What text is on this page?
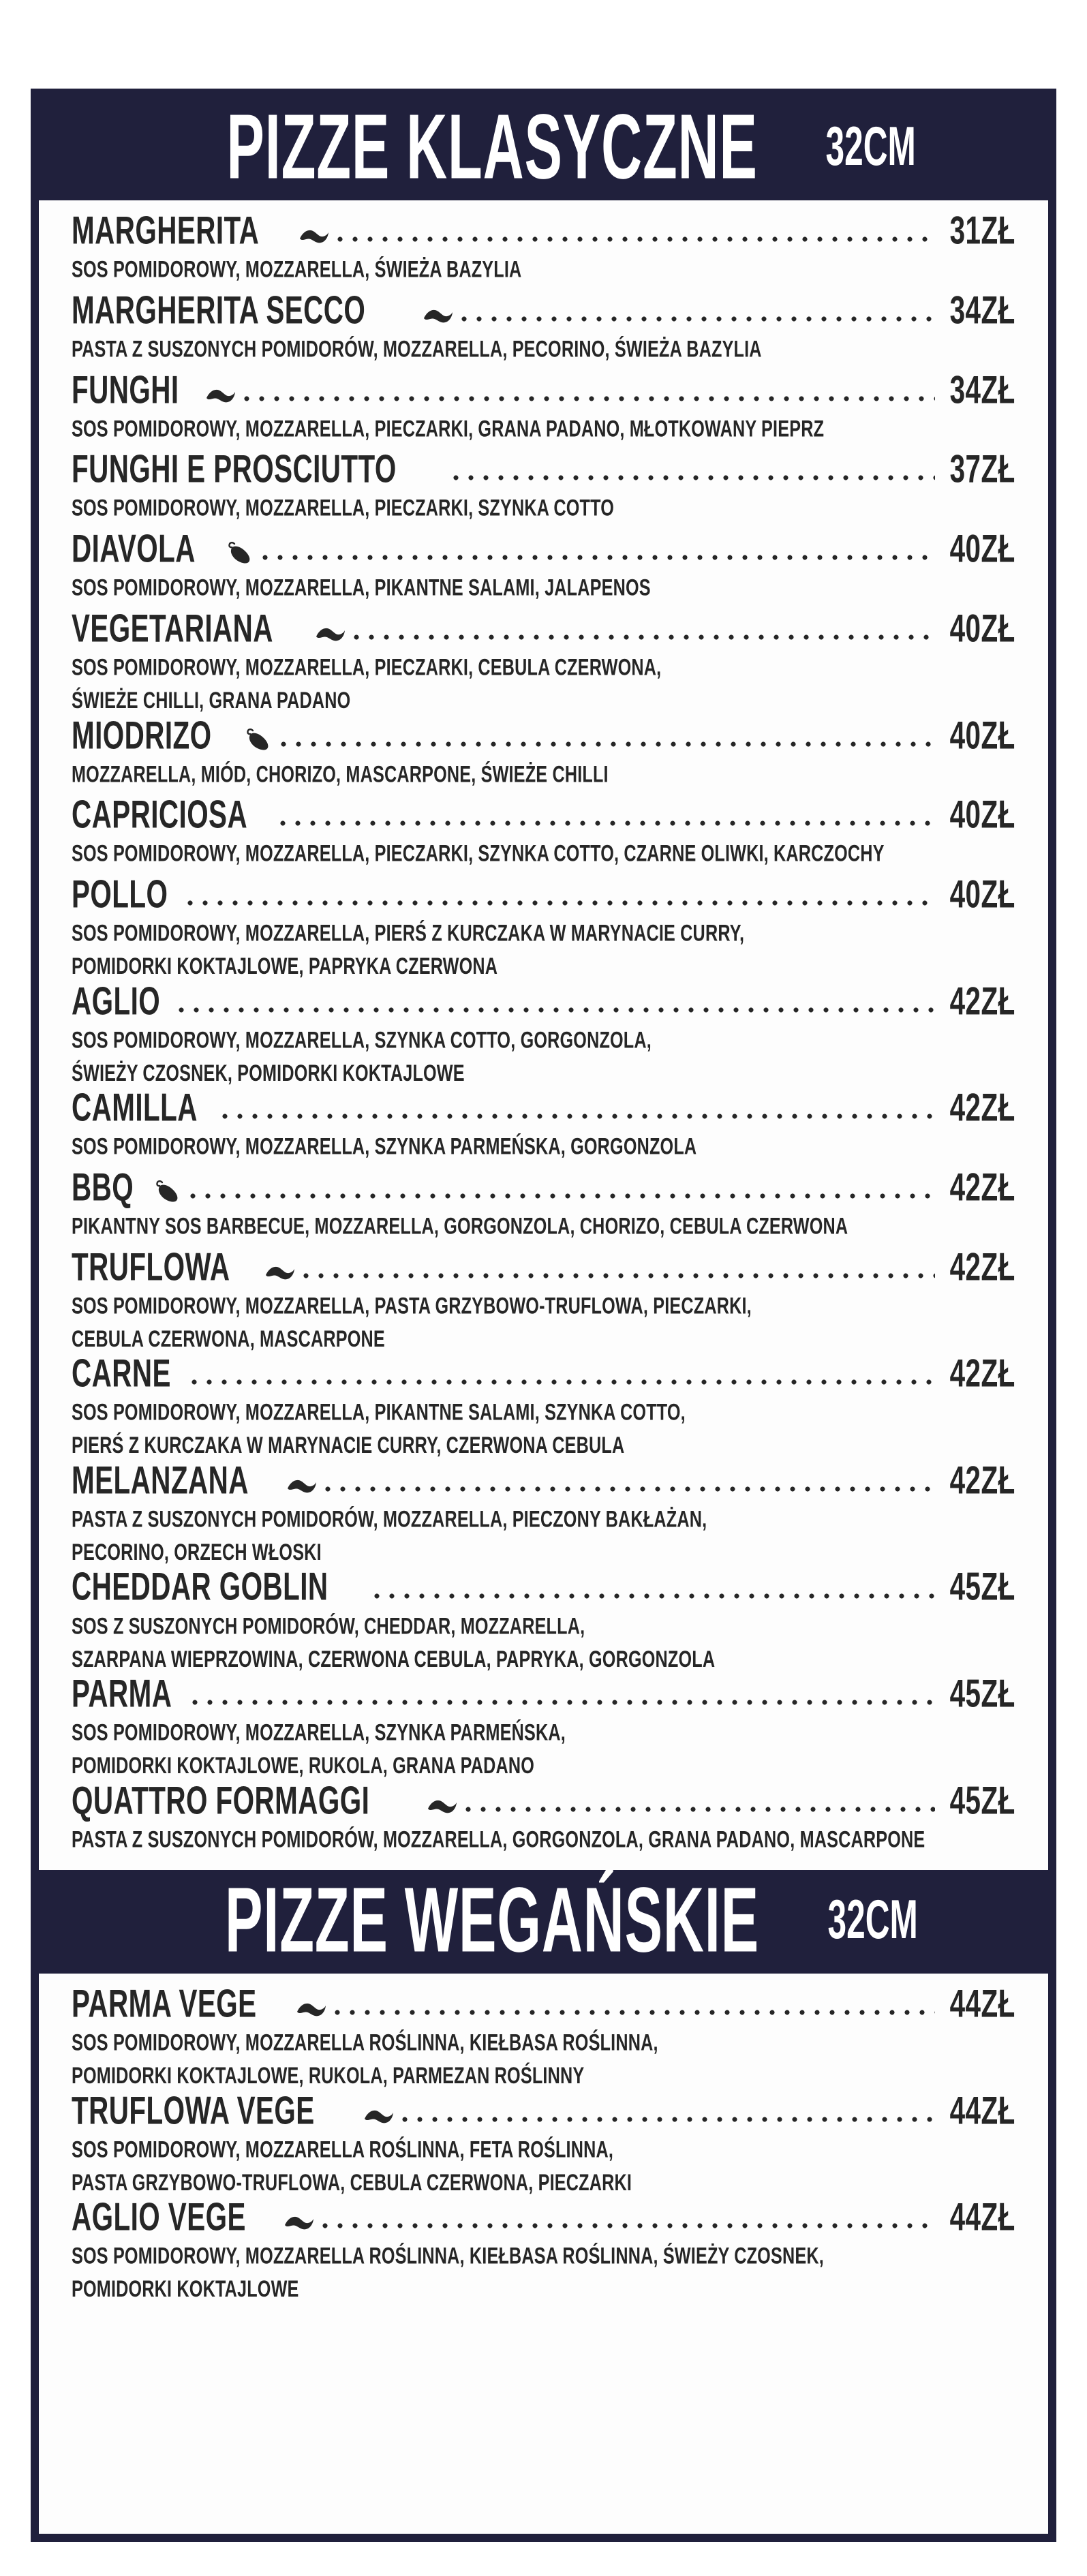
PIZZE KLASYCZNE 32CM
MARGHERITA	31ZŁ
SOS POMIDOROWY, MOZZARELLA, ŚWIEŻA BAZYLIA
MARGHERITA SECCO	34ZŁ
PASTA Z SUSZONYCH POMIDORÓW, MOZZARELLA, PECORINO, ŚWIEŻA BAZYLIA
FUNGHI	34ZŁ
SOS POMIDOROWY, MOZZARELLA, PIECZARKI, GRANA PADANO, MŁOTKOWANY PIEPRZ
FUNGHI E PROSCIUTTO	37ZŁ
SOS POMIDOROWY, MOZZARELLA, PIECZARKI, SZYNKA COTTO
DIAVOLA	40ZŁ
SOS POMIDOROWY, MOZZARELLA, PIKANTNE SALAMI, JALAPENOS
VEGETARIANA	40ZŁ
SOS POMIDOROWY, MOZZARELLA, PIECZARKI, CEBULA CZERWONA,
ŚWIEŻE CHILLI, GRANA PADANO
MIODRIZO	40ZŁ
MOZZARELLA, MIÓD, CHORIZO, MASCARPONE, ŚWIEŻE CHILLI
CAPRICIOSA	40ZŁ
SOS POMIDOROWY, MOZZARELLA, PIECZARKI, SZYNKA COTTO, CZARNE OLIWKI, KARCZOCHY
POLLO	40ZŁ
SOS POMIDOROWY, MOZZARELLA, PIERŚ Z KURCZAKA W MARYNACIE CURRY,
POMIDORKI KOKTAJLOWE, PAPRYKA CZERWONA
AGLIO	42ZŁ
SOS POMIDOROWY, MOZZARELLA, SZYNKA COTTO, GORGONZOLA,
ŚWIEŻY CZOSNEK, POMIDORKI KOKTAJLOWE
CAMILLA	42ZŁ
SOS POMIDOROWY, MOZZARELLA, SZYNKA PARMEŃSKA, GORGONZOLA
BBQ	42ZŁ
PIKANTNY SOS BARBECUE, MOZZARELLA, GORGONZOLA, CHORIZO, CEBULA CZERWONA
TRUFLOWA	42ZŁ
SOS POMIDOROWY, MOZZARELLA, PASTA GRZYBOWO-TRUFLOWA, PIECZARKI,
CEBULA CZERWONA, MASCARPONE
CARNE	42ZŁ
SOS POMIDOROWY, MOZZARELLA, PIKANTNE SALAMI, SZYNKA COTTO,
PIERŚ Z KURCZAKA W MARYNACIE CURRY, CZERWONA CEBULA
MELANZANA	42ZŁ
PASTA Z SUSZONYCH POMIDORÓW, MOZZARELLA, PIECZONY BAKŁAŻAN,
PECORINO, ORZECH WŁOSKI
CHEDDAR GOBLIN	45ZŁ
SOS Z SUSZONYCH POMIDORÓW, CHEDDAR, MOZZARELLA,
SZARPANA WIEPRZOWINA, CZERWONA CEBULA, PAPRYKA, GORGONZOLA
PARMA	45ZŁ
SOS POMIDOROWY, MOZZARELLA, SZYNKA PARMEŃSKA,
POMIDORKI KOKTAJLOWE, RUKOLA, GRANA PADANO
QUATTRO FORMAGGI	45ZŁ
PASTA Z SUSZONYCH POMIDORÓW, MOZZARELLA, GORGONZOLA, GRANA PADANO, MASCARPONE
PIZZE WEGAŃSKIE 32CM
PARMA VEGE	44ZŁ
SOS POMIDOROWY, MOZZARELLA ROŚLINNA, KIEŁBASA ROŚLINNA,
POMIDORKI KOKTAJLOWE, RUKOLA, PARMEZAN ROŚLINNY
TRUFLOWA VEGE	44ZŁ
SOS POMIDOROWY, MOZZARELLA ROŚLINNA, FETA ROŚLINNA,
PASTA GRZYBOWO-TRUFLOWA, CEBULA CZERWONA, PIECZARKI
AGLIO VEGE	44ZŁ
SOS POMIDOROWY, MOZZARELLA ROŚLINNA, KIEŁBASA ROŚLINNA, ŚWIEŻY CZOSNEK,
POMIDORKI KOKTAJLOWE
